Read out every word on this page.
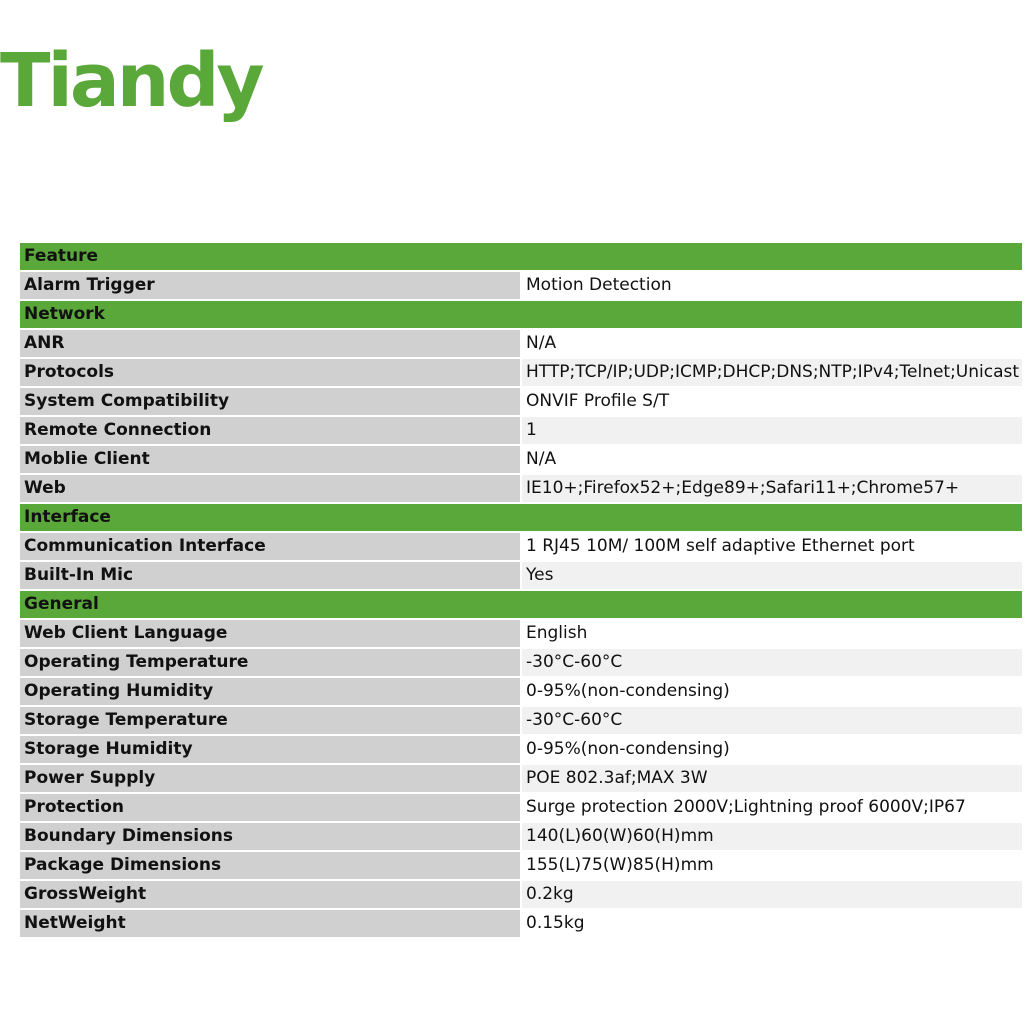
Tiandy
Feature	
Alarm Trigger	Motion Detection
Network	
ANR	N/A
Protocols	HTTP;TCP/IP;UDP;ICMP;DHCP;DNS;NTP;IPv4;Telnet;Unicast
System Compatibility	ONVIF Profile S/T
Remote Connection	1
Moblie Client	N/A
Web	IE10+;Firefox52+;Edge89+;Safari11+;Chrome57+
Interface	
Communication Interface	1 RJ45 10M/ 100M self adaptive Ethernet port
Built-In Mic	Yes
General	
Web Client Language	English
Operating Temperature	-30°C-60°C
Operating Humidity	0-95%(non-condensing)
Storage Temperature	-30°C-60°C
Storage Humidity	0-95%(non-condensing)
Power Supply	POE 802.3af;MAX 3W
Protection	Surge protection 2000V;Lightning proof 6000V;IP67
Boundary Dimensions	140(L)60(W)60(H)mm
Package Dimensions	155(L)75(W)85(H)mm
GrossWeight	0.2kg
NetWeight	0.15kg
